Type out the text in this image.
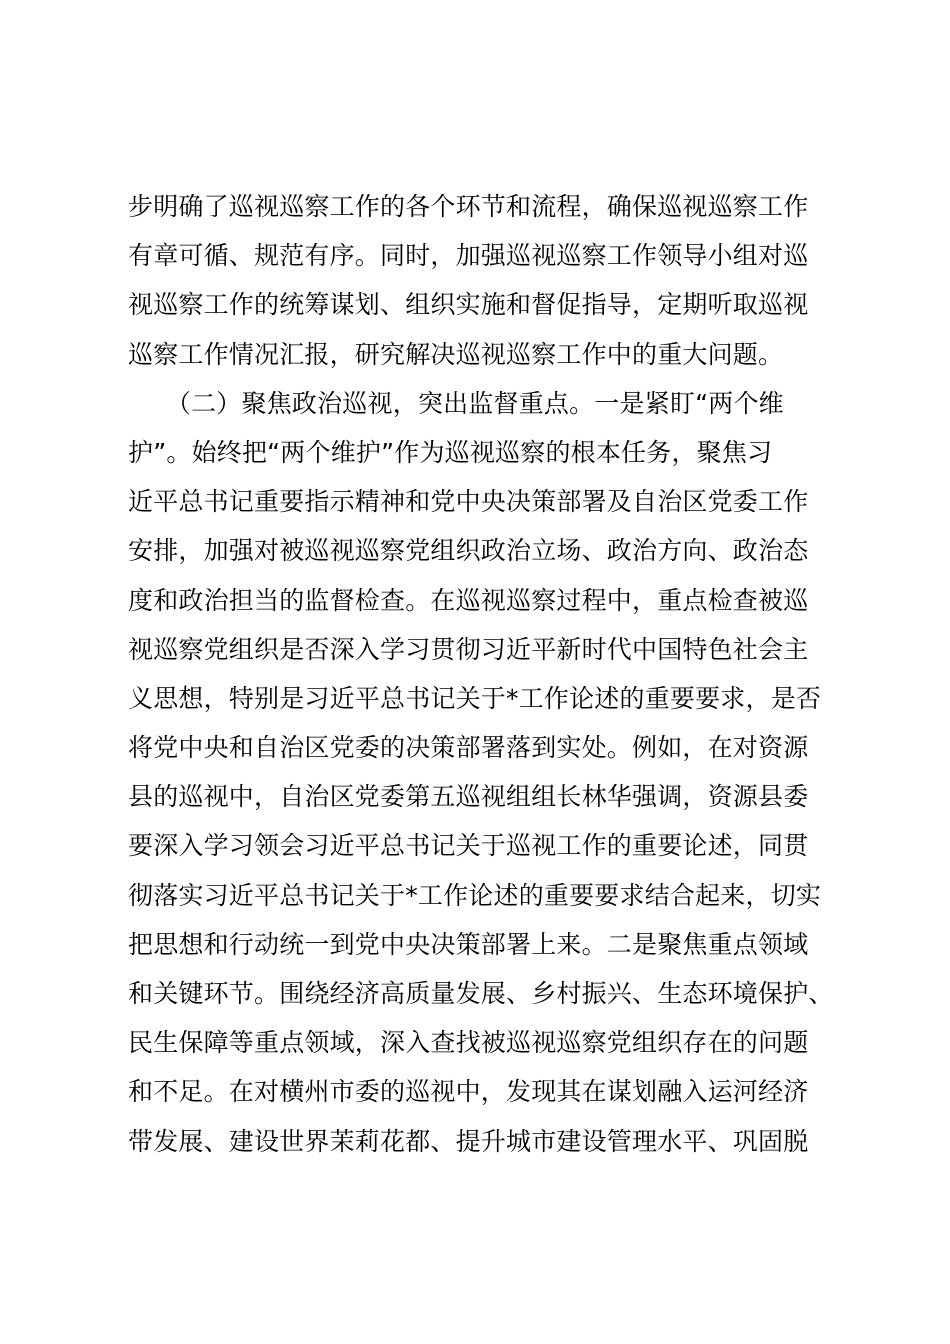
步明确了巡视巡察工作的各个环节和流程，确保巡视巡察工作
有章可循、规范有序。同时，加强巡视巡察工作领导小组对巡
视巡察工作的统筹谋划、组织实施和督促指导，定期听取巡视
巡察工作情况汇报，研究解决巡视巡察工作中的重大问题。
　　（二）聚焦政治巡视，突出监督重点。一是紧盯“两个维
护”。始终把“两个维护”作为巡视巡察的根本任务，聚焦习
近平总书记重要指示精神和党中央决策部署及自治区党委工作
安排，加强对被巡视巡察党组织政治立场、政治方向、政治态
度和政治担当的监督检查。在巡视巡察过程中，重点检查被巡
视巡察党组织是否深入学习贯彻习近平新时代中国特色社会主
义思想，特别是习近平总书记关于*工作论述的重要要求，是否
将党中央和自治区党委的决策部署落到实处。例如，在对资源
县的巡视中，自治区党委第五巡视组组长林华强调，资源县委
要深入学习领会习近平总书记关于巡视工作的重要论述，同贯
彻落实习近平总书记关于*工作论述的重要要求结合起来，切实
把思想和行动统一到党中央决策部署上来。二是聚焦重点领域
和关键环节。围绕经济高质量发展、乡村振兴、生态环境保护、
民生保障等重点领域，深入查找被巡视巡察党组织存在的问题
和不足。在对横州市委的巡视中，发现其在谋划融入运河经济
带发展、建设世界茉莉花都、提升城市建设管理水平、巩固脱
